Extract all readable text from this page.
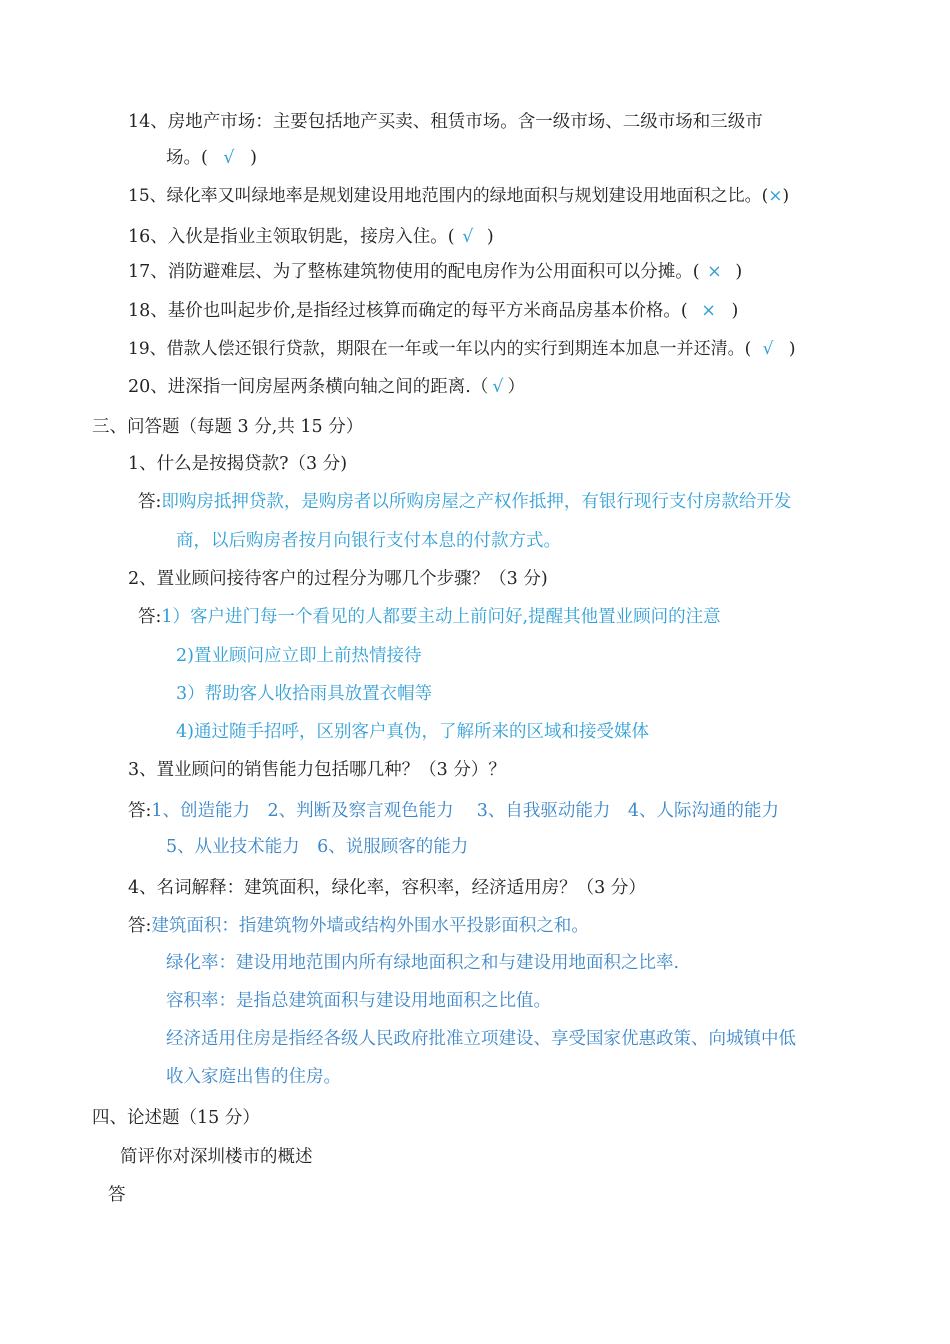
14、房地产市场：主要包括地产买卖、租赁市场。含一级市场、二级市场和三级市
场。( √ )
15、绿化率又叫绿地率是规划建设用地范围内的绿地面积与规划建设用地面积之比。(×)
16、入伙是指业主领取钥匙，接房入住。( √ )
17、消防避难层、为了整栋建筑物使用的配电房作为公用面积可以分摊。( × )
18、基价也叫起步价,是指经过核算而确定的每平方米商品房基本价格。( × )
19、借款人偿还银行贷款，期限在一年或一年以内的实行到期连本加息一并还清。( √ )
20、进深指一间房屋两条横向轴之间的距离.（ √ ）
三、问答题（每题 3 分,共 15 分）
1、什么是按揭贷款?（3 分)
答:即购房抵押贷款，是购房者以所购房屋之产权作抵押，有银行现行支付房款给开发
商，以后购房者按月向银行支付本息的付款方式。
2、置业顾问接待客户的过程分为哪几个步骤？（3 分)
答:1）客户进门每一个看见的人都要主动上前问好,提醒其他置业顾问的注意
2)置业顾问应立即上前热情接待
3）帮助客人收拾雨具放置衣帽等
4)通过随手招呼，区别客户真伪，了解所来的区域和接受媒体
3、置业顾问的销售能力包括哪几种？（3 分）？
答:1、创造能力　2、判断及察言观色能力　 3、自我驱动能力　4、人际沟通的能力
5、从业技术能力　6、说服顾客的能力
4、名词解释：建筑面积，绿化率，容积率，经济适用房？（3 分）
答:建筑面积：指建筑物外墙或结构外围水平投影面积之和。
绿化率：建设用地范围内所有绿地面积之和与建设用地面积之比率.
容积率：是指总建筑面积与建设用地面积之比值。
经济适用住房是指经各级人民政府批准立项建设、享受国家优惠政策、向城镇中低
收入家庭出售的住房。
四、论述题（15 分）
简评你对深圳楼市的概述
答
